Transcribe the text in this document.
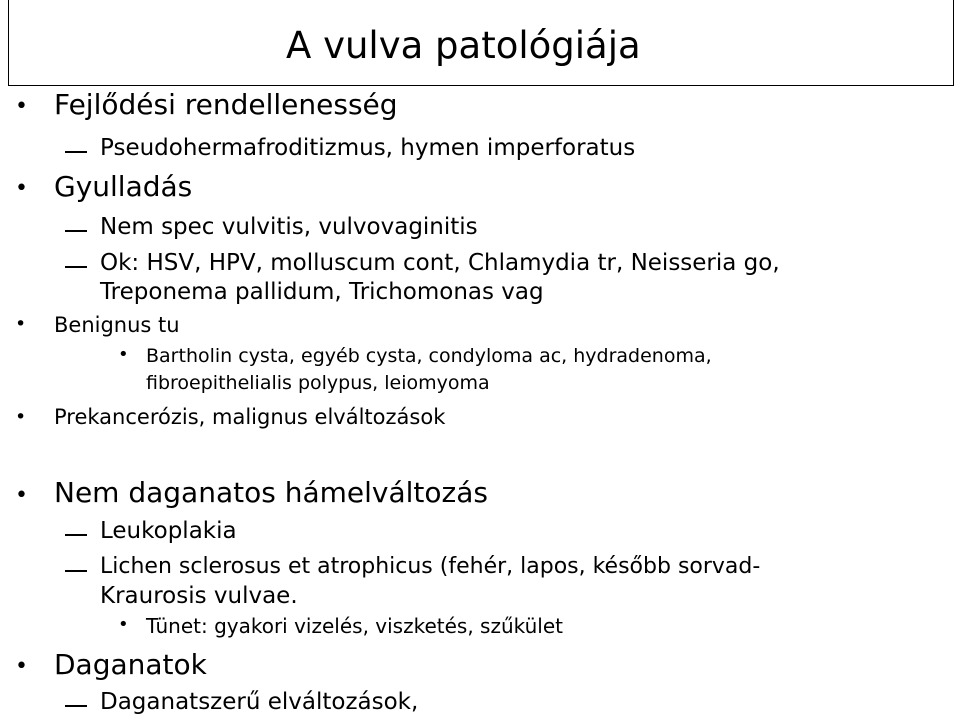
A vulva patológiája
• Fejlődési rendellenesség
Pseudohermafroditizmus, hymen imperforatus
• Gyulladás
Nem spec vulvitis, vulvovaginitis
Ok: HSV, HPV, molluscum cont, Chlamydia tr, Neisseria go,
Treponema pallidum, Trichomonas vag
• Benignus tu
• Bartholin cysta, egyéb cysta, condyloma ac, hydradenoma,
fibroepithelialis polypus, leiomyoma
• Prekancerózis, malignus elváltozások
• Nem daganatos hámelváltozás
Leukoplakia
Lichen sclerosus et atrophicus (fehér, lapos, később sorvad-
Kraurosis vulvae.
• Tünet: gyakori vizelés, viszketés, szűkület
• Daganatok
Daganatszerű elváltozások,
